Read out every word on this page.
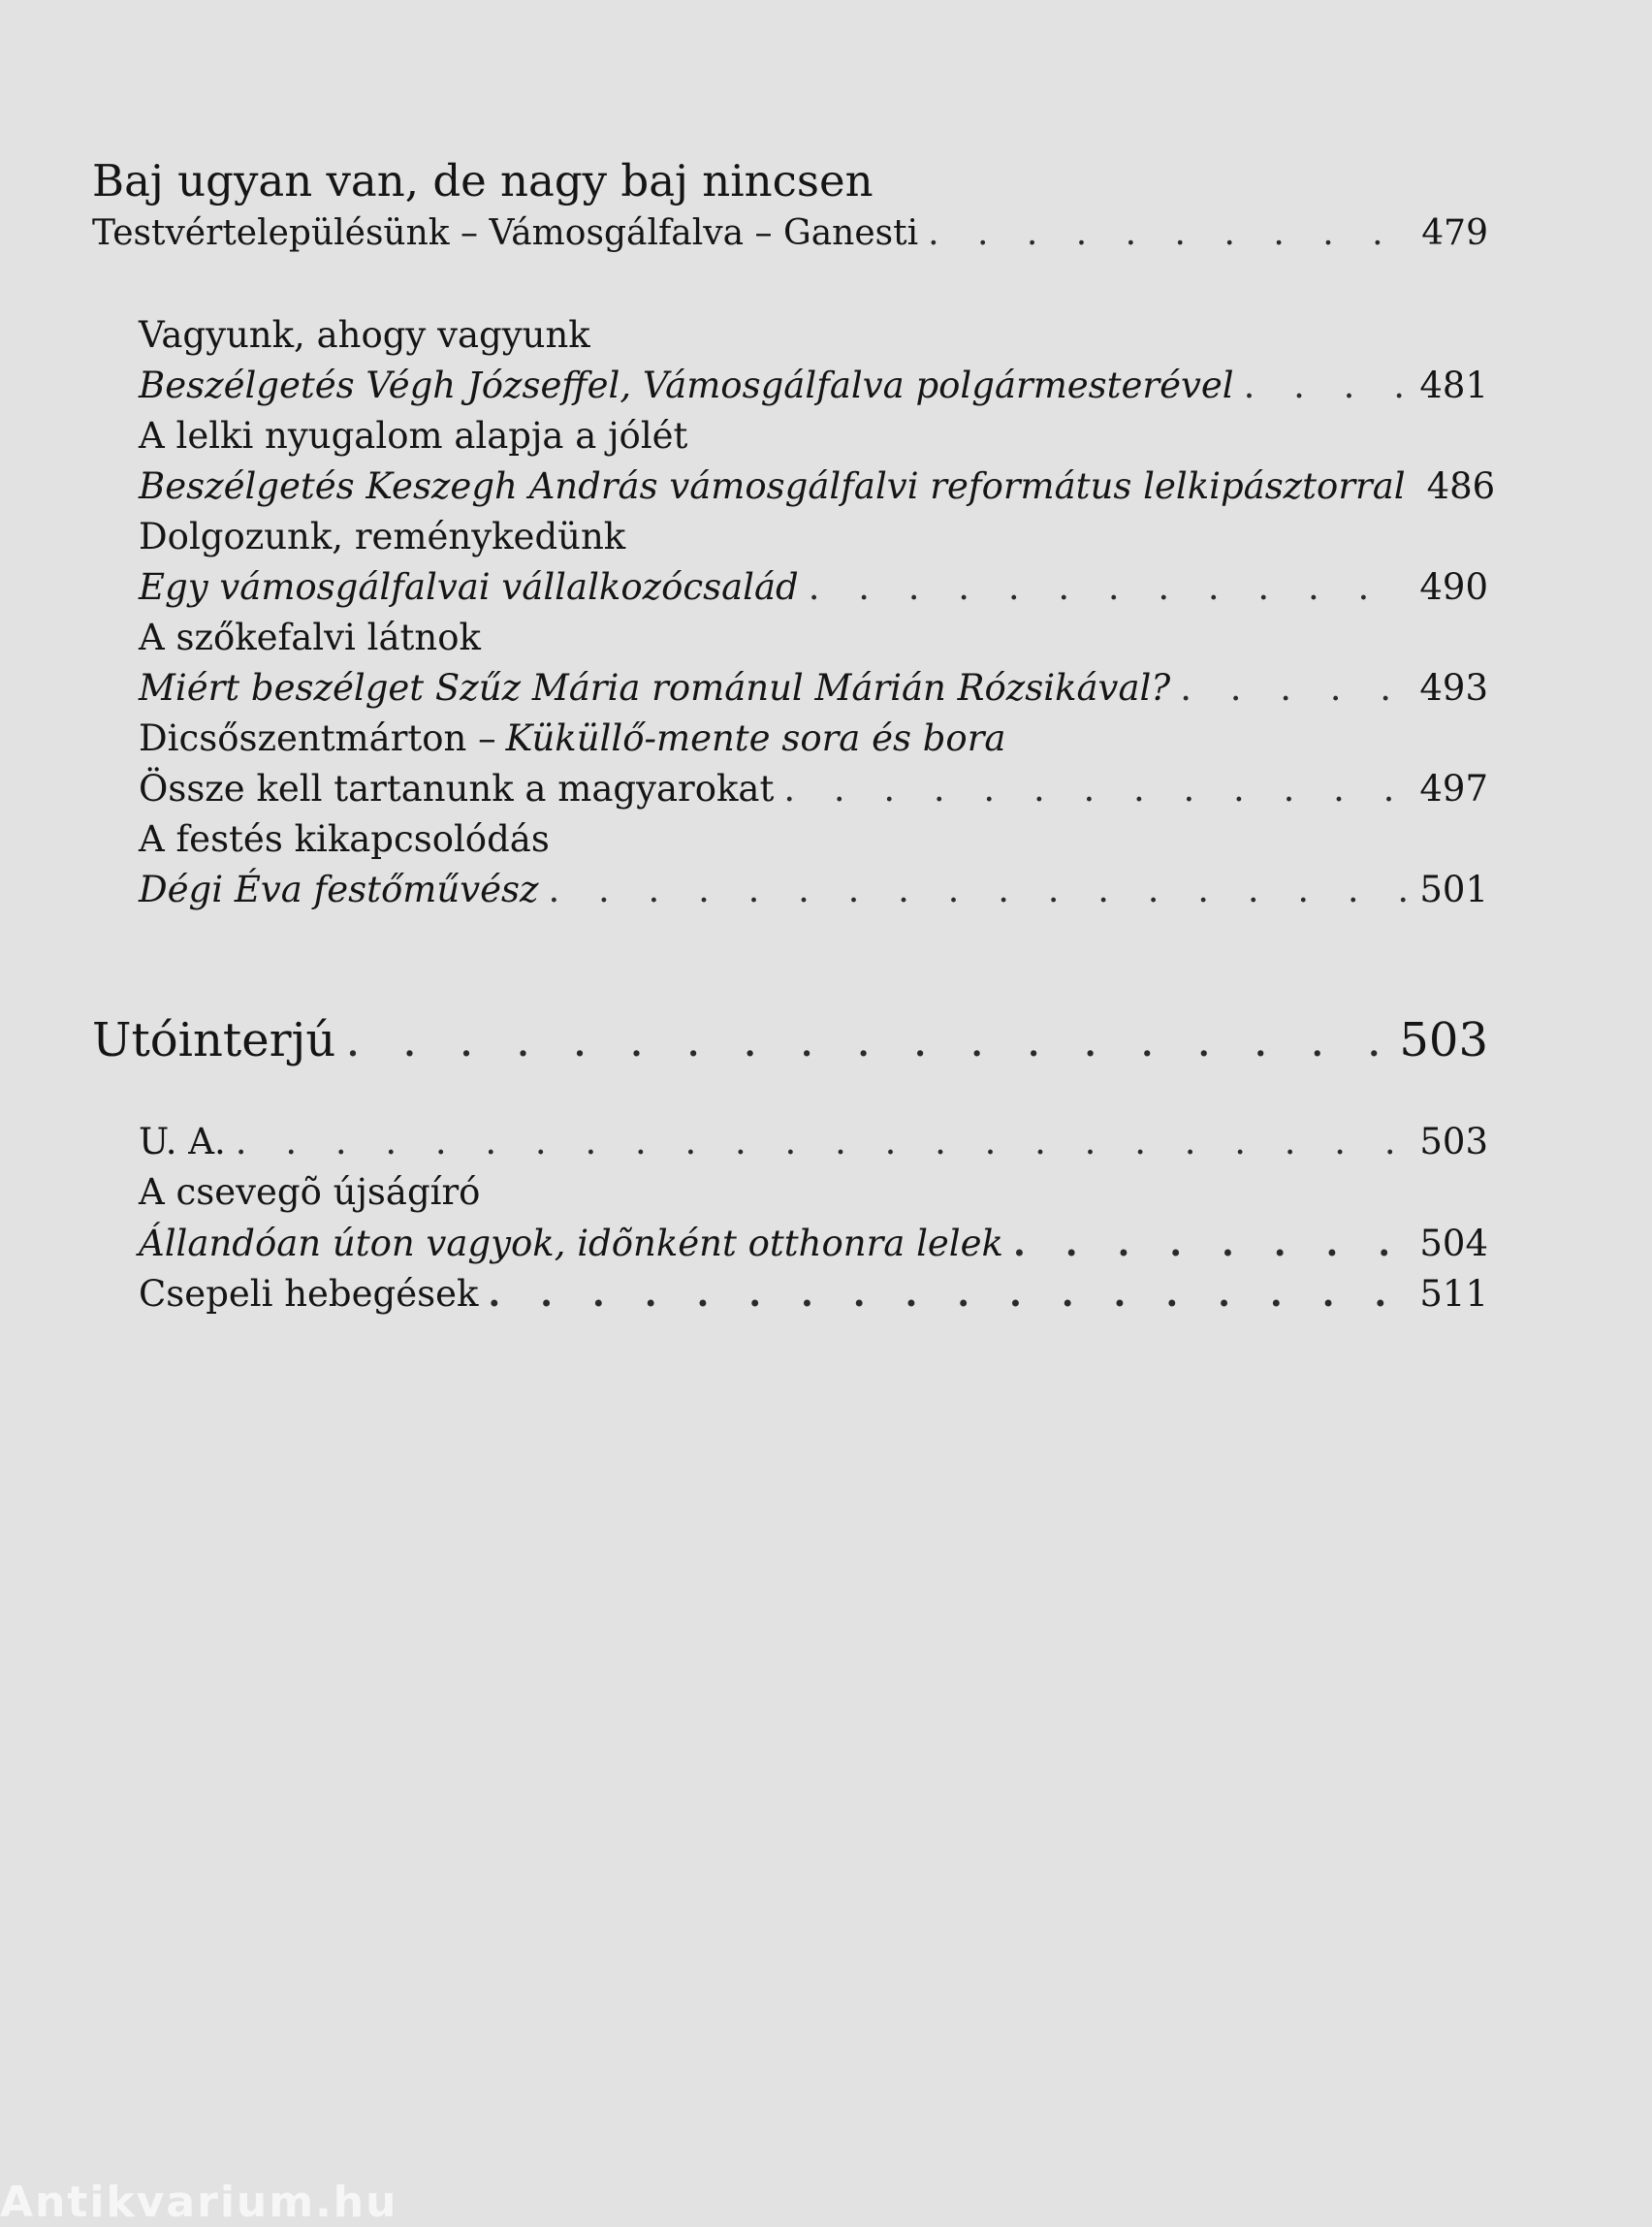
Baj ugyan van, de nagy baj nincsen
Testvértelepülésünk – Vámosgálfalva – Ganesti . . .	479
Vagyunk, ahogy vagyunk
Beszélgetés Végh Józseffel, Vámosgálfalva polgármesterével . . .	481
A lelki nyugalom alapja a jólét
Beszélgetés Keszegh András vámosgálfalvi református lelkipásztorral 486
Dolgozunk, reménykedünk
Egy vámosgálfalvai vállalkozócsalád . . .	490
A szőkefalvi látnok
Miért beszélget Szűz Mária románul Márián Rózsikával? . . .	493
Dicsőszentmárton – Küküllő-mente sora és bora
Össze kell tartanunk a magyarokat . . .	497
A festés kikapcsolódás
Dégi Éva festőművész . . .	501
Utóinterjú . . .	503
U. A. . . .	503
A csevegõ újságíró
Állandóan úton vagyok, idõnként otthonra lelek . . .	504
Csepeli hebegések . . .	511
Antikvarium.hu
